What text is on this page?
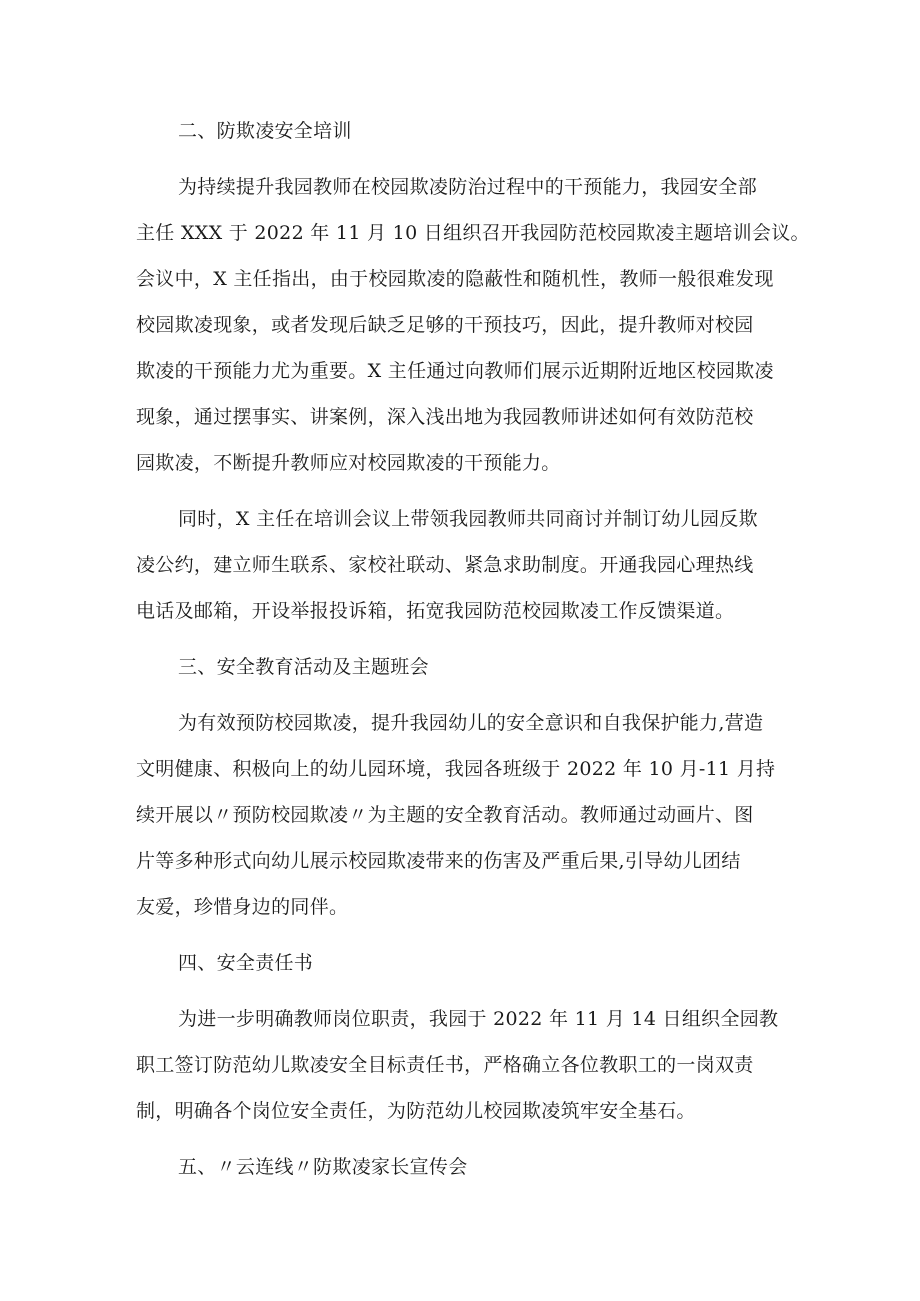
二、防欺凌安全培训
为持续提升我园教师在校园欺凌防治过程中的干预能力，我园安全部
主任 XXX 于 2022 年 11 月 10 日组织召开我园防范校园欺凌主题培训会议。
会议中，X 主任指出，由于校园欺凌的隐蔽性和随机性，教师一般很难发现
校园欺凌现象，或者发现后缺乏足够的干预技巧，因此，提升教师对校园
欺凌的干预能力尤为重要。X 主任通过向教师们展示近期附近地区校园欺凌
现象，通过摆事实、讲案例，深入浅出地为我园教师讲述如何有效防范校
园欺凌，不断提升教师应对校园欺凌的干预能力。
同时，X 主任在培训会议上带领我园教师共同商讨并制订幼儿园反欺
凌公约，建立师生联系、家校社联动、紧急求助制度。开通我园心理热线
电话及邮箱，开设举报投诉箱，拓宽我园防范校园欺凌工作反馈渠道。
三、安全教育活动及主题班会
为有效预防校园欺凌，提升我园幼儿的安全意识和自我保护能力,营造
文明健康、积极向上的幼儿园环境，我园各班级于 2022 年 10 月-11 月持
续开展以〃预防校园欺凌〃为主题的安全教育活动。教师通过动画片、图
片等多种形式向幼儿展示校园欺凌带来的伤害及严重后果,引导幼儿团结
友爱，珍惜身边的同伴。
四、安全责任书
为进一步明确教师岗位职责，我园于 2022 年 11 月 14 日组织全园教
职工签订防范幼儿欺凌安全目标责任书，严格确立各位教职工的一岗双责
制，明确各个岗位安全责任，为防范幼儿校园欺凌筑牢安全基石。
五、〃云连线〃防欺凌家长宣传会
